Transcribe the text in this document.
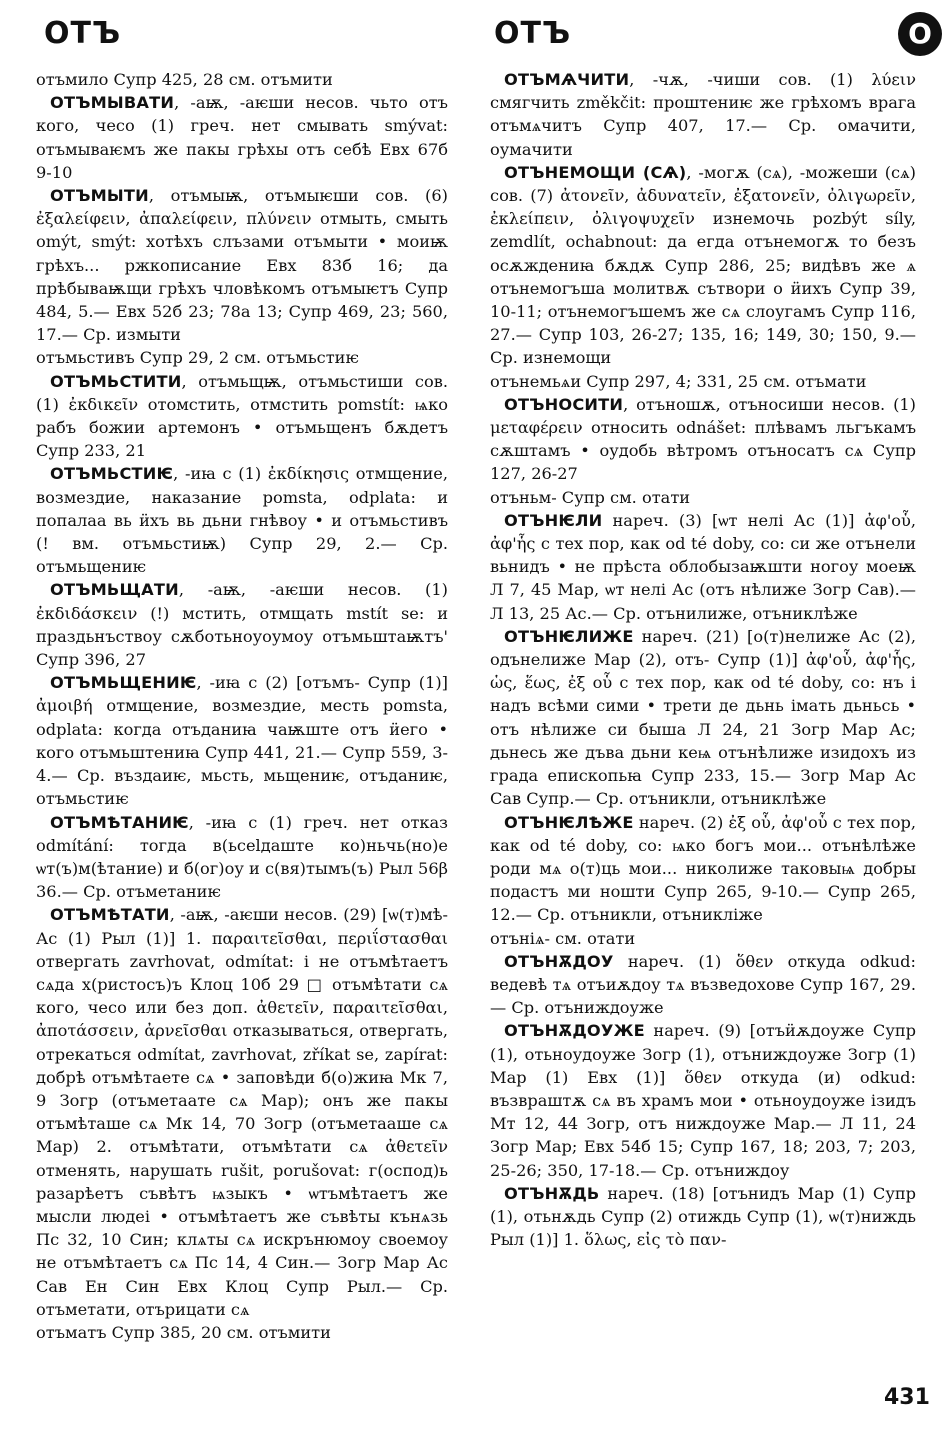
ОТЪ	ОТЪ	О

отъмило Супр 425, 28 см. отъмити

ОТЪМЫВАТИ, -аѭ, -аѥши несов. чьто отъ кого, чесо (1) греч. нет смывать smývat: отъмываѥмъ же пакы грѣхы отъ себѣ Евх 67б 9-10

ОТЪМЫТИ, отъмыѭ, отъмыѥши сов. (6) ἐξαλείφειν, ἀπαλείφειν, πλύνειν отмыть, смыть omýt, smýt: хотѣхъ слъзами отъмыти • моиѭ грѣхъ... ржкописание Евх 83б 16; да прѣбываѭщи грѣхъ чловѣкомъ отъмыѥтъ Супр 484, 5.— Евх 52б 23; 78а 13; Супр 469, 23; 560, 17.— Ср. измыти

отъмьстивъ Супр 29, 2 см. отъмьстиѥ

ОТЪМЬСТИТИ, отъмьщѭ, отъмьстиши сов. (1) ἐκδικεῖν отомстить, отмстить pomstít: ѩко рабъ божии артемонъ • отъмьщенъ бѫдетъ Супр 233, 21

ОТЪМЬСТИѤ, -иꙗ с (1) ἐκδίκησις отмщение, возмездие, наказание pomsta, odplata: и попалаа вь ӥхъ вь дьни гнѣвоу • и отъмьстивъ (! вм. отъмьстиѭ) Супр 29, 2.— Ср. отъмьщениѥ

ОТЪМЬЩАТИ, -аѭ, -аѥши несов. (1) ἐκδιδάσκειν (!) мстить, отмщать mstít se: и праздьнъствоу сѫботьноуоумоу отъмьштаѭтъ' Супр 396, 27

ОТЪМЬЩЕНИѤ, -иꙗ с (2) [отъмъ- Супр (1)] ἀμοιβή отмщение, возмездие, месть pomsta, odplata: когда отъданиꙗ чаѭште отъ ӥего • когo отъмьштениꙗ Супр 441, 21.— Супр 559, 3-4.— Ср. въздаиѥ, мьсть, мьщениѥ, отъданиѥ, отъмьстиѥ

ОТЪМѢТАНИѤ, -иꙗ с (1) греч. нет отказ odmítání: тогда в(ьсеlдаштe ко)ньчь(но)е ѡт(ъ)м(ѣтание) и б(ог)оу и с(вя)тымъ(ъ) Рыл 56β 36.— Ср. отъметаниѥ

ОТЪМѢТАТИ, -аѭ, -аѥши несов. (29) [ѡ(т)мѣ- Ас (1) Рыл (1)] 1. παραιτεῖσθαι, περιΐστασθαι отвергать zavrhovat, odmítat: і не отъмѣтаетъ сѧда х(ристосъ)ъ Клоц 10б 29 □ отъмѣтати сѧ кого, чесо или без доп. ἀθετεῖν, παραιτεῖσθαι, ἀποτάσσειν, ἀρνεῖσθαι отказываться, отвергать, отрекаться odmítat, zavrhovat, zříkat se, zapírat: добрѣ отъмѣтаете сѧ • заповѣди б(о)жиꙗ Мк 7, 9 Зогр (отъметаате сѧ Мар); онъ же пакы отъмѣташе сѧ Мк 14, 70 Зогр (отъметааше сѧ Мар) 2. отъмѣтати, отъмѣтати сѧ ἀθετεῖν отменять, нарушать rušit, porušovat: г(оспод)ь разарѣетъ съвѣтъ ѩзыкъ • ѡтъмѣтаетъ же мысли людеі • отъмѣтаетъ же съвѣты кънѧзь Пс 32, 10 Син; клѧты сѧ искрънюмоу своемоу не отъмѣтаетъ сѧ Пс 14, 4 Син.— Зогр Мар Ас Сав Ен Син Евх Клоц Супр Рыл.— Ср. отъметати, отърицати сѧ

отъматъ Супр 385, 20 см. отъмити

ОТЪМѦЧИТИ, -чѫ, -чиши сов. (1) λύειν смягчить změkčit: проштениѥ же грѣхомъ врага отъмѧчитъ Супр 407, 17.— Ср. омачити, оумачити

ОТЪНЕМОЩИ (СѦ), -могѫ (сѧ), -можеши (сѧ) сов. (7) ἀτονεῖν, ἀδυνατεῖν, ἐξατονεῖν, ὀλιγωρεῖν, ἐκλείπειν, ὀλιγοψυχεῖν изнемочь pozbýt síly, zemdlít, ochabnout: да егда отънемогѫ то безъ осѫждениꙗ бѫдѫ Супр 286, 25; видѣвъ же ѧ отънемогъша молитвѫ сътвори о ӥихъ Супр 39, 10-11; отънемогъшемъ же сѧ слоугамъ Супр 116, 27.— Супр 103, 26-27; 135, 16; 149, 30; 150, 9.— Ср. изнемощи

отънемьѧи Супр 297, 4; 331, 25 см. отъмати

ОТЪНОСИТИ, отъношѫ, отъносиши несов. (1) μεταφέρειν относить odnášet: плѣвамъ льгъкамъ сѫштамъ • оудобь вѣтромъ отъносатъ сѧ Супр 127, 26-27

отъньм- Супр см. отати

ОТЪНѤЛИ нареч. (3) [ѡт нелі Ас (1)] ἀφ'οὗ, ἀφ'ἧς с тех пор, как od té doby, co: си же отънели вьнидъ • не прѣста облобызаѭшти ногоу моеѭ Л 7, 45 Мар, ѡт нелі Ас (отъ нѣлиже Зогр Сав).— Л 13, 25 Ас.— Ср. отънилиже, отъниклѣже

ОТЪНѤЛИЖЕ нареч. (21) [о(т)нелиже Ас (2), одънелиже Мар (2), отъ- Супр (1)] ἀφ'οὗ, ἀφ'ἧς, ὡς, ἕως, ἐξ οὗ с тех пор, как od té doby, co: нъ і надъ всѣми сими • трети де дьнь імать дьньсь • отъ нѣлиже си быша Л 24, 21 Зогр Мар Ас; дьнесь же дъва дьни кеѩ отънѣлиже изидохъ из града епископьꙗ Супр 233, 15.— Зогр Мар Ас Сав Супр.— Ср. отъникли, отъниклѣже

ОТЪНѤЛѢЖЕ нареч. (2) ἐξ οὗ, ἀφ'οὗ с тех пор, как od té doby, co: ѩко богъ мои... отънѣлѣже роди мѧ о(т)ць мои... николиже таковыѩ добры подастъ ми ношти Супр 265, 9-10.— Супр 265, 12.— Ср. отъникли, отъникліже

отъніѧ- см. отати

ОТЪНѪДОУ нареч. (1) ὅθεν откуда odkud: ведевѣ тѧ отъиѫдоу тѧ възведохове Супр 167, 29.— Ср. отъниждоуже

ОТЪНѪДОУЖЕ нареч. (9) [отъӥѫдоуже Супр (1), отьноудоуже Зогр (1), отъниждоуже Зогр (1) Мар (1) Евх (1)] ὅθεν откуда (и) odkud: възвраштѫ сѧ въ храмъ мои • отьноудоуже ізидъ Мт 12, 44 Зогр, отъ ниждоуже Мар.— Л 11, 24 Зогр Мар; Евх 54б 15; Супр 167, 18; 203, 7; 203, 25-26; 350, 17-18.— Ср. отъниждоу

ОТЪНѪДЬ нареч. (18) [отънидъ Мар (1) Супр (1), отьнѫдь Супр (2) отиждь Супр (1), ѡ(т)ниждь Рыл (1)] 1. ὅλως, εἰς τὸ παν-

431
